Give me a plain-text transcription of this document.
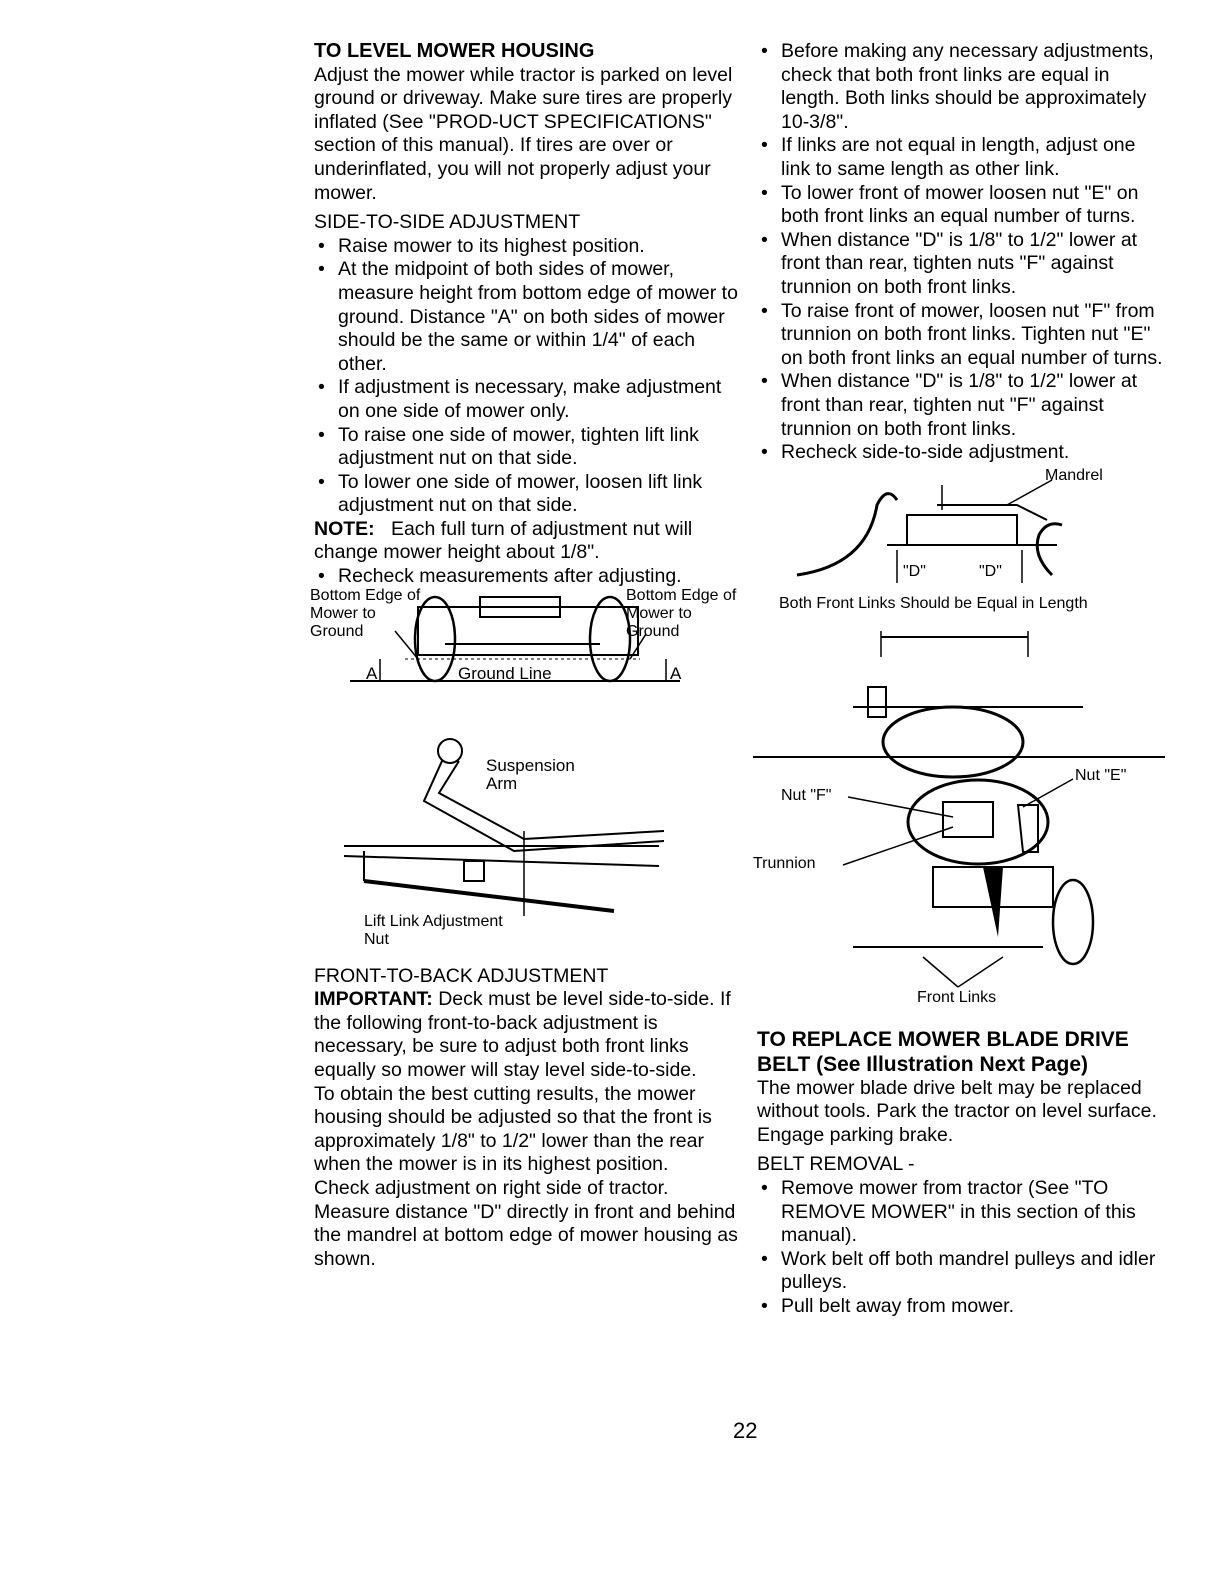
TO LEVEL MOWER HOUSING

Adjust the mower while tractor is parked on level ground or driveway. Make sure tires are properly inflated (See "PROD-UCT SPECIFICATIONS" section of this manual). If tires are over or underinflated, you will not properly adjust your mower.

SIDE-TO-SIDE ADJUSTMENT

• Raise mower to its highest position.
• At the midpoint of both sides of mower, measure height from bottom edge of mower to ground. Distance "A" on both sides of mower should be the same or within 1/4" of each other.
• If adjustment is necessary, make adjustment on one side of mower only.
• To raise one side of mower, tighten lift link adjustment nut on that side.
• To lower one side of mower, loosen lift link adjustment nut on that side.

NOTE: Each full turn of adjustment nut will change mower height about 1/8".

• Recheck measurements after adjusting.
Bottom Edge of Mower to Ground
Bottom Edge of Mower to Ground
Ground Line
A	A
Suspension Arm
Lift Link Adjustment Nut

FRONT-TO-BACK ADJUSTMENT

IMPORTANT: Deck must be level side-to-side. If the following front-to-back adjustment is necessary, be sure to adjust both front links equally so mower will stay level side-to-side.

To obtain the best cutting results, the mower housing should be adjusted so that the front is approximately 1/8" to 1/2" lower than the rear when the mower is in its highest position.

Check adjustment on right side of tractor. Measure distance "D" directly in front and behind the mandrel at bottom edge of mower housing as shown.

• Before making any necessary adjustments, check that both front links are equal in length. Both links should be approximately 10-3/8".
• If links are not equal in length, adjust one link to same length as other link.
• To lower front of mower loosen nut "E" on both front links an equal number of turns.
• When distance "D" is 1/8" to 1/2" lower at front than rear, tighten nuts "F" against trunnion on both front links.
• To raise front of mower, loosen nut "F" from trunnion on both front links. Tighten nut "E" on both front links an equal number of turns.
• When distance "D" is 1/8" to 1/2" lower at front than rear, tighten nut "F" against trunnion on both front links.
• Recheck side-to-side adjustment.
Mandrel
"D"	"D"
Both Front Links Should be Equal in Length
Nut "F"
Nut "E"
Trunnion
Front Links

TO REPLACE MOWER BLADE DRIVE BELT (See Illustration Next Page)

The mower blade drive belt may be replaced without tools. Park the tractor on level surface. Engage parking brake.

BELT REMOVAL -

• Remove mower from tractor (See "TO REMOVE MOWER" in this section of this manual).
• Work belt off both mandrel pulleys and idler pulleys.
• Pull belt away from mower.
22
